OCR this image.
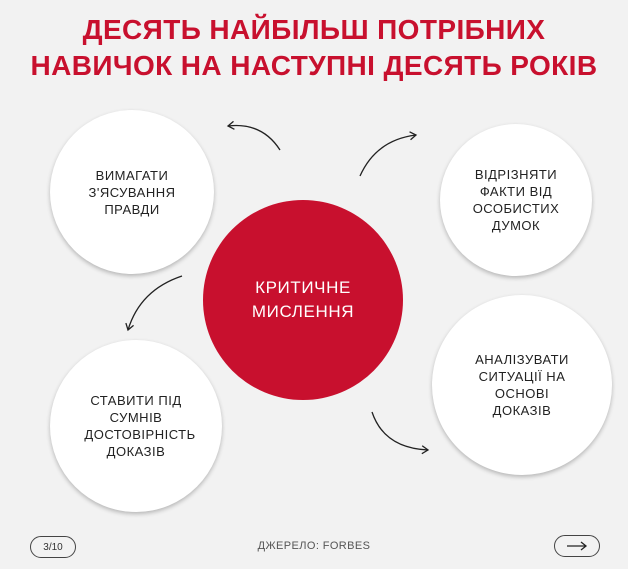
ДЕСЯТЬ НАЙБІЛЬШ ПОТРІБНИХ
НАВИЧОК НА НАСТУПНІ ДЕСЯТЬ РОКІВ
ВИМАГАТИ З'ЯСУВАННЯ ПРАВДИ
ВІДРІЗНЯТИ ФАКТИ ВІД ОСОБИСТИХ ДУМОК
СТАВИТИ ПІД СУМНІВ ДОСТОВІРНІСТЬ ДОКАЗІВ
АНАЛІЗУВАТИ СИТУАЦІЇ НА ОСНОВІ ДОКАЗІВ
КРИТИЧНЕ МИСЛЕННЯ
3/10	ДЖЕРЕЛО: FORBES
